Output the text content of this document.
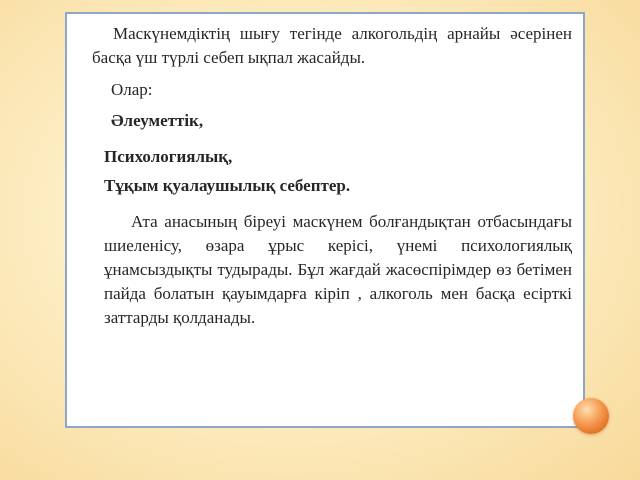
Маскүнемдіктің шығу тегінде алкогольдің арнайы әсерінен басқа үш түрлі себеп ықпал жасайды.

Олар:

Әлеуметтік,

Психологиялық,

Тұқым қуалаушылық себептер.

Ата анасының біреуі маскүнем болғандықтан отбасындағы шиеленісу, өзара ұрыс керісі, үнемі психологиялық ұнамсыздықты тудырады. Бұл жағдай жасөспірімдер өз бетімен пайда болатын қауымдарға кіріп , алкоголь мен басқа есірткі заттарды қолданады.
